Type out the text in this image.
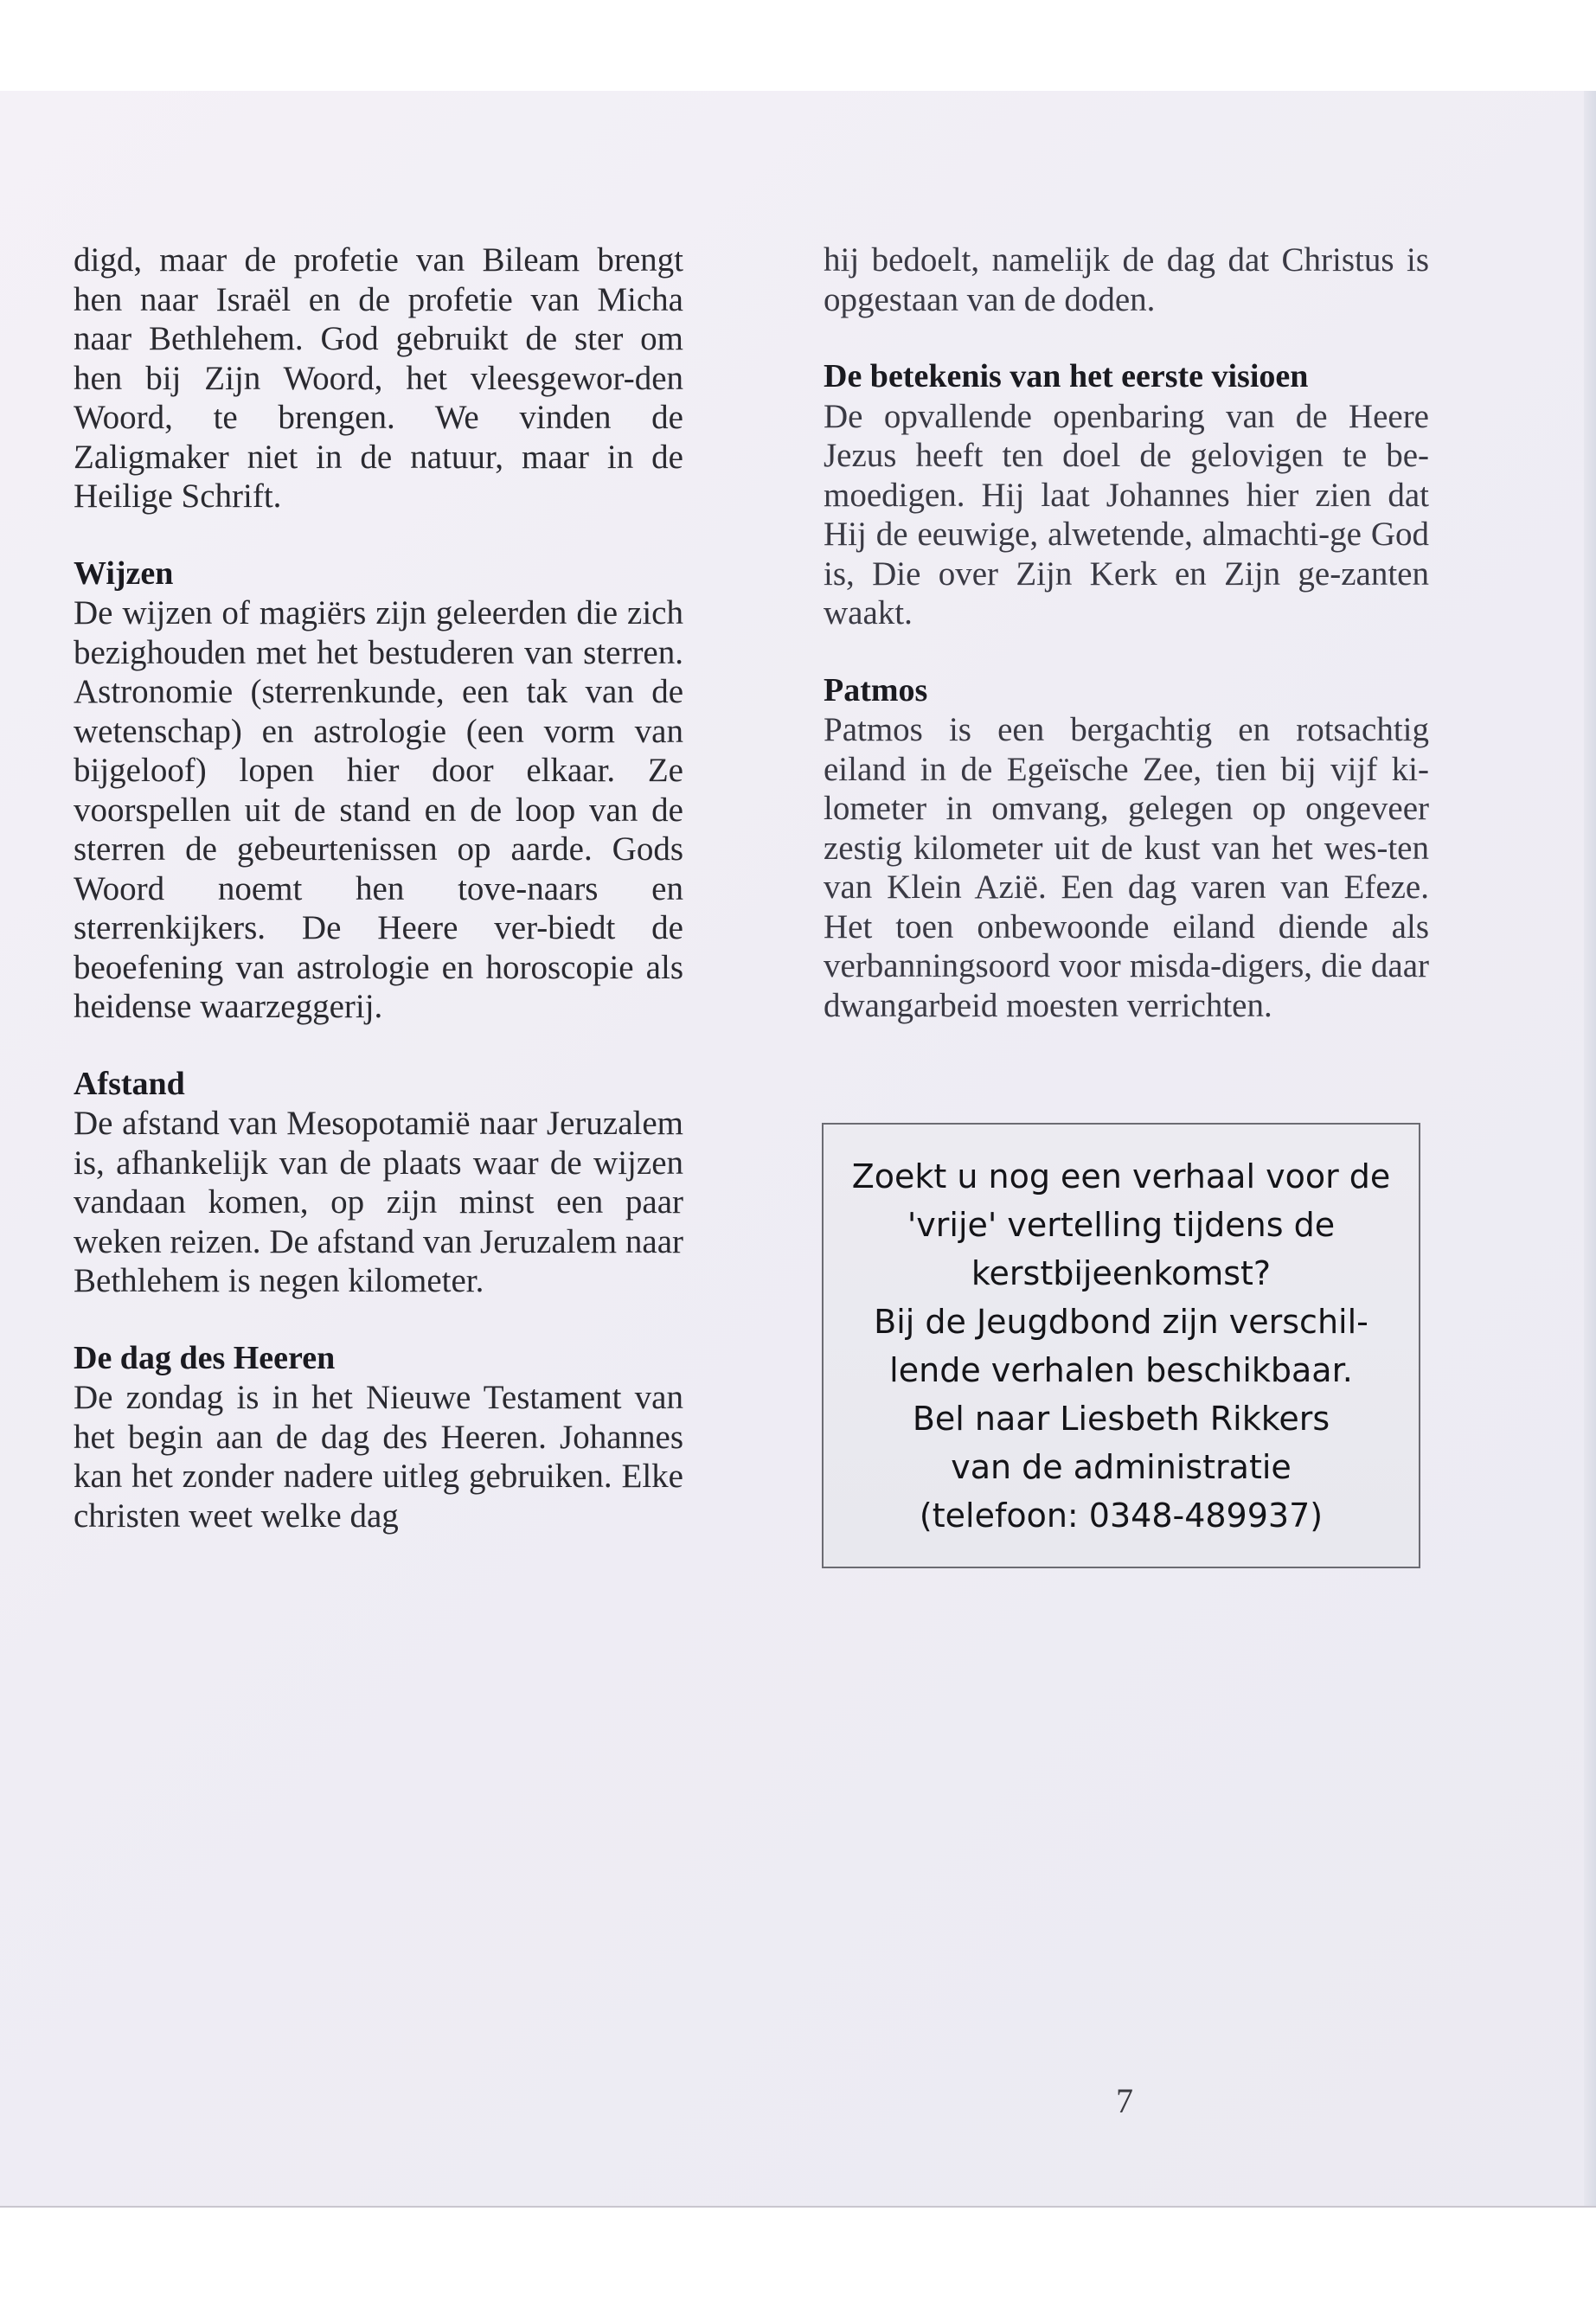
digd, maar de profetie van Bileam brengt hen naar Israël en de profetie van Micha naar Bethlehem. God gebruikt de ster om hen bij Zijn Woord, het vleesgewor-den Woord, te brengen. We vinden de Zaligmaker niet in de natuur, maar in de Heilige Schrift.

Wijzen

De wijzen of magiërs zijn geleerden die zich bezighouden met het bestuderen van sterren. Astronomie (sterrenkunde, een tak van de wetenschap) en astrologie (een vorm van bijgeloof) lopen hier door elkaar. Ze voorspellen uit de stand en de loop van de sterren de gebeurtenissen op aarde. Gods Woord noemt hen tove-naars en sterrenkijkers. De Heere ver-biedt de beoefening van astrologie en horoscopie als heidense waarzeggerij.

Afstand

De afstand van Mesopotamië naar Jeruzalem is, afhankelijk van de plaats waar de wijzen vandaan komen, op zijn minst een paar weken reizen. De afstand van Jeruzalem naar Bethlehem is negen kilometer.

De dag des Heeren

De zondag is in het Nieuwe Testament van het begin aan de dag des Heeren. Johannes kan het zonder nadere uitleg gebruiken. Elke christen weet welke dag

hij bedoelt, namelijk de dag dat Christus is opgestaan van de doden.

De betekenis van het eerste visioen

De opvallende openbaring van de Heere Jezus heeft ten doel de gelovigen te be-moedigen. Hij laat Johannes hier zien dat Hij de eeuwige, alwetende, almachti-ge God is, Die over Zijn Kerk en Zijn ge-zanten waakt.

Patmos

Patmos is een bergachtig en rotsachtig eiland in de Egeïsche Zee, tien bij vijf ki-lometer in omvang, gelegen op ongeveer zestig kilometer uit de kust van het wes-ten van Klein Azië. Een dag varen van Efeze. Het toen onbewoonde eiland diende als verbanningsoord voor misda-digers, die daar dwangarbeid moesten verrichten.

Zoekt u nog een verhaal voor de
'vrije' vertelling tijdens de
kerstbijeenkomst?
Bij de Jeugdbond zijn verschil-
lende verhalen beschikbaar.
Bel naar Liesbeth Rikkers
van de administratie
(telefoon: 0348-489937)
7
